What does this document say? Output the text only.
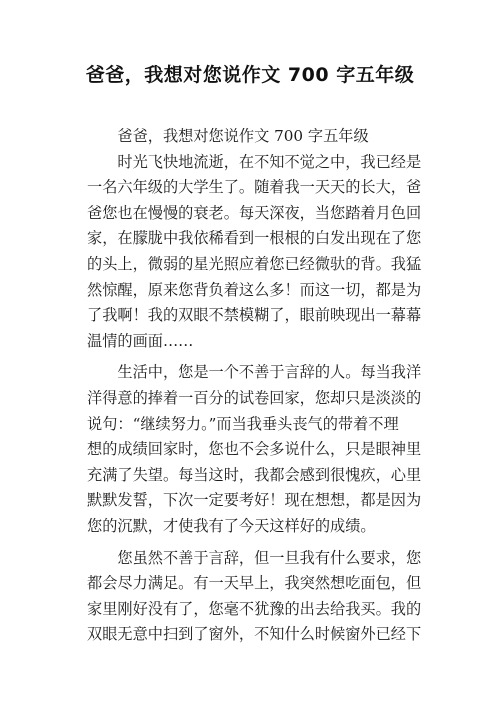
爸爸，我想对您说作文 700 字五年级
爸爸，我想对您说作文 700 字五年级
时光飞快地流逝，在不知不觉之中，我已经是
一名六年级的大学生了。随着我一天天的长大，爸
爸您也在慢慢的衰老。每天深夜，当您踏着月色回
家，在朦胧中我依稀看到一根根的白发出现在了您
的头上，微弱的星光照应着您已经微驮的背。我猛
然惊醒，原来您背负着这么多！而这一切，都是为
了我啊！我的双眼不禁模糊了，眼前映现出一幕幕
温情的画面……
生活中，您是一个不善于言辞的人。每当我洋
洋得意的捧着一百分的试卷回家，您却只是淡淡的
说句：“继续努力。”而当我垂头丧气的带着不理
想的成绩回家时，您也不会多说什么，只是眼神里
充满了失望。每当这时，我都会感到很愧疚，心里
默默发誓，下次一定要考好！现在想想，都是因为
您的沉默，才使我有了今天这样好的成绩。
您虽然不善于言辞，但一旦我有什么要求，您
都会尽力满足。有一天早上，我突然想吃面包，但
家里刚好没有了，您毫不犹豫的出去给我买。我的
双眼无意中扫到了窗外，不知什么时候窗外已经下
